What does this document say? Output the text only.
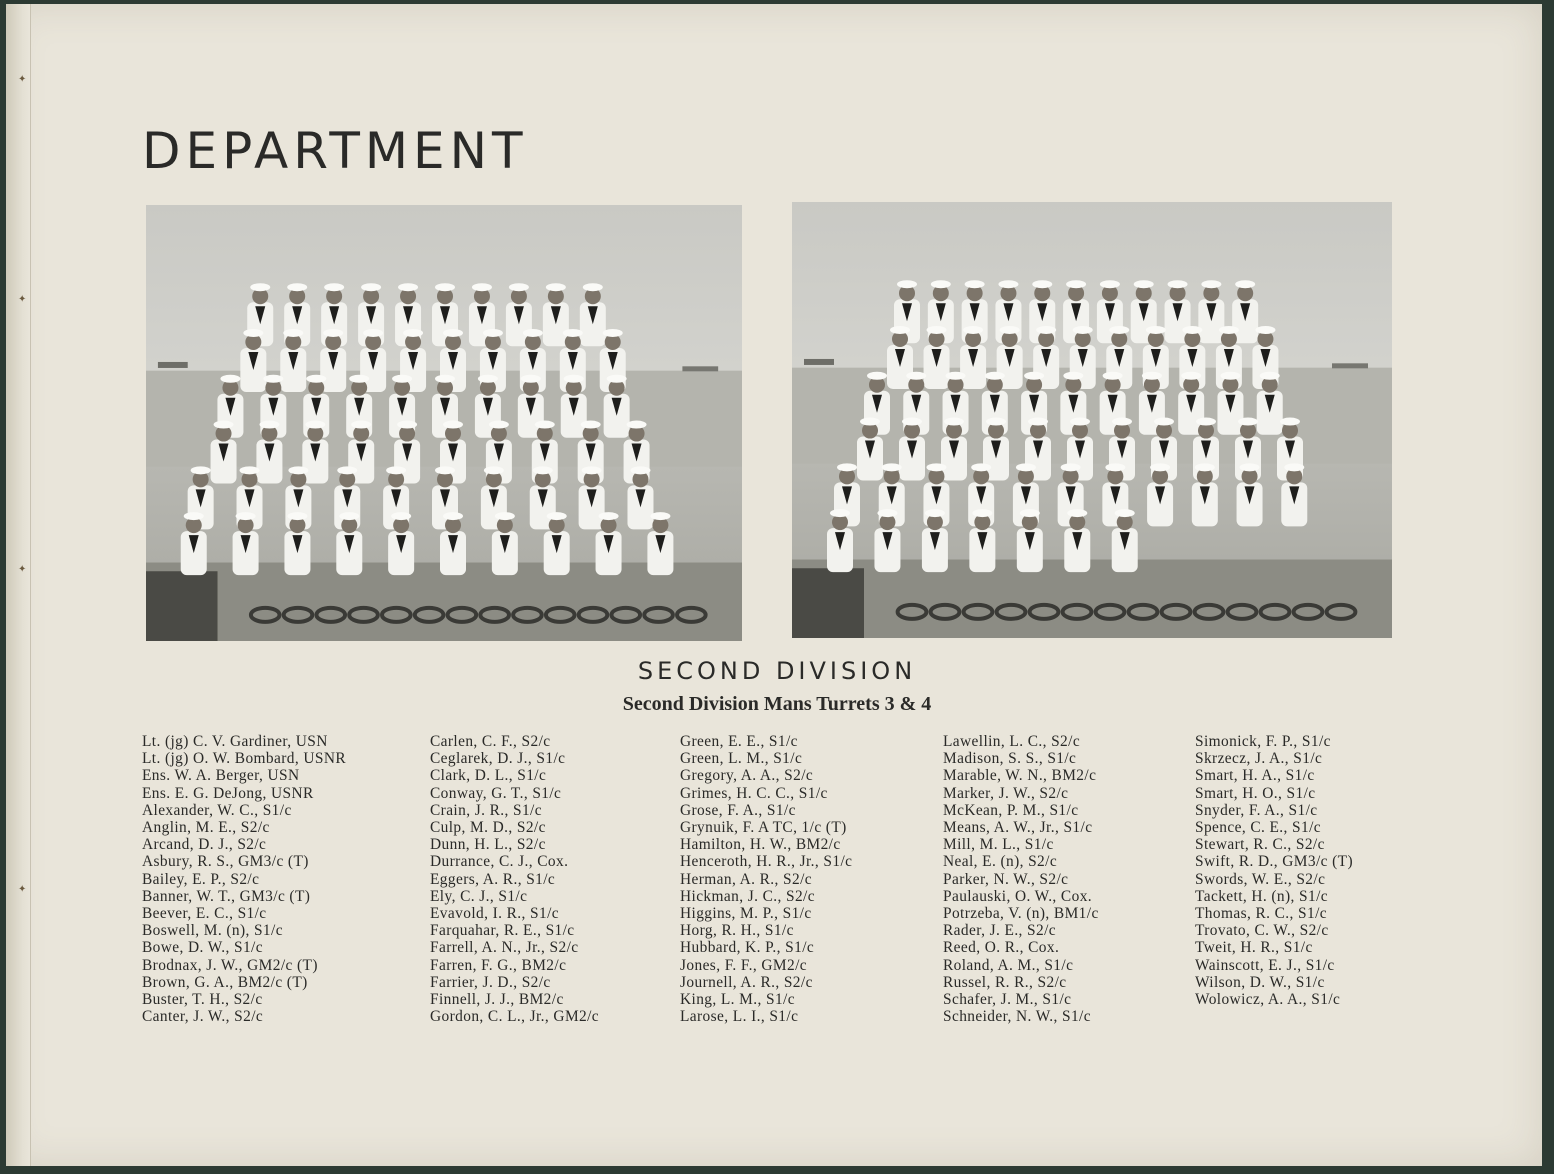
✦
✦
✦
✦
DEPARTMENT
SECOND DIVISION
Second Division Mans Turrets 3 & 4
Lt. (jg) C. V. Gardiner, USN
Lt. (jg) O. W. Bombard, USNR
Ens. W. A. Berger, USN
Ens. E. G. DeJong, USNR
Alexander, W. C., S1/c
Anglin, M. E., S2/c
Arcand, D. J., S2/c
Asbury, R. S., GM3/c (T)
Bailey, E. P., S2/c
Banner, W. T., GM3/c (T)
Beever, E. C., S1/c
Boswell, M. (n), S1/c
Bowe, D. W., S1/c
Brodnax, J. W., GM2/c (T)
Brown, G. A., BM2/c (T)
Buster, T. H., S2/c
Canter, J. W., S2/c
Carlen, C. F., S2/c
Ceglarek, D. J., S1/c
Clark, D. L., S1/c
Conway, G. T., S1/c
Crain, J. R., S1/c
Culp, M. D., S2/c
Dunn, H. L., S2/c
Durrance, C. J., Cox.
Eggers, A. R., S1/c
Ely, C. J., S1/c
Evavold, I. R., S1/c
Farquahar, R. E., S1/c
Farrell, A. N., Jr., S2/c
Farren, F. G., BM2/c
Farrier, J. D., S2/c
Finnell, J. J., BM2/c
Gordon, C. L., Jr., GM2/c
Green, E. E., S1/c
Green, L. M., S1/c
Gregory, A. A., S2/c
Grimes, H. C. C., S1/c
Grose, F. A., S1/c
Grynuik, F. A TC, 1/c (T)
Hamilton, H. W., BM2/c
Henceroth, H. R., Jr., S1/c
Herman, A. R., S2/c
Hickman, J. C., S2/c
Higgins, M. P., S1/c
Horg, R. H., S1/c
Hubbard, K. P., S1/c
Jones, F. F., GM2/c
Journell, A. R., S2/c
King, L. M., S1/c
Larose, L. I., S1/c
Lawellin, L. C., S2/c
Madison, S. S., S1/c
Marable, W. N., BM2/c
Marker, J. W., S2/c
McKean, P. M., S1/c
Means, A. W., Jr., S1/c
Mill, M. L., S1/c
Neal, E. (n), S2/c
Parker, N. W., S2/c
Paulauski, O. W., Cox.
Potrzeba, V. (n), BM1/c
Rader, J. E., S2/c
Reed, O. R., Cox.
Roland, A. M., S1/c
Russel, R. R., S2/c
Schafer, J. M., S1/c
Schneider, N. W., S1/c
Simonick, F. P., S1/c
Skrzecz, J. A., S1/c
Smart, H. A., S1/c
Smart, H. O., S1/c
Snyder, F. A., S1/c
Spence, C. E., S1/c
Stewart, R. C., S2/c
Swift, R. D., GM3/c (T)
Swords, W. E., S2/c
Tackett, H. (n), S1/c
Thomas, R. C., S1/c
Trovato, C. W., S2/c
Tweit, H. R., S1/c
Wainscott, E. J., S1/c
Wilson, D. W., S1/c
Wolowicz, A. A., S1/c
